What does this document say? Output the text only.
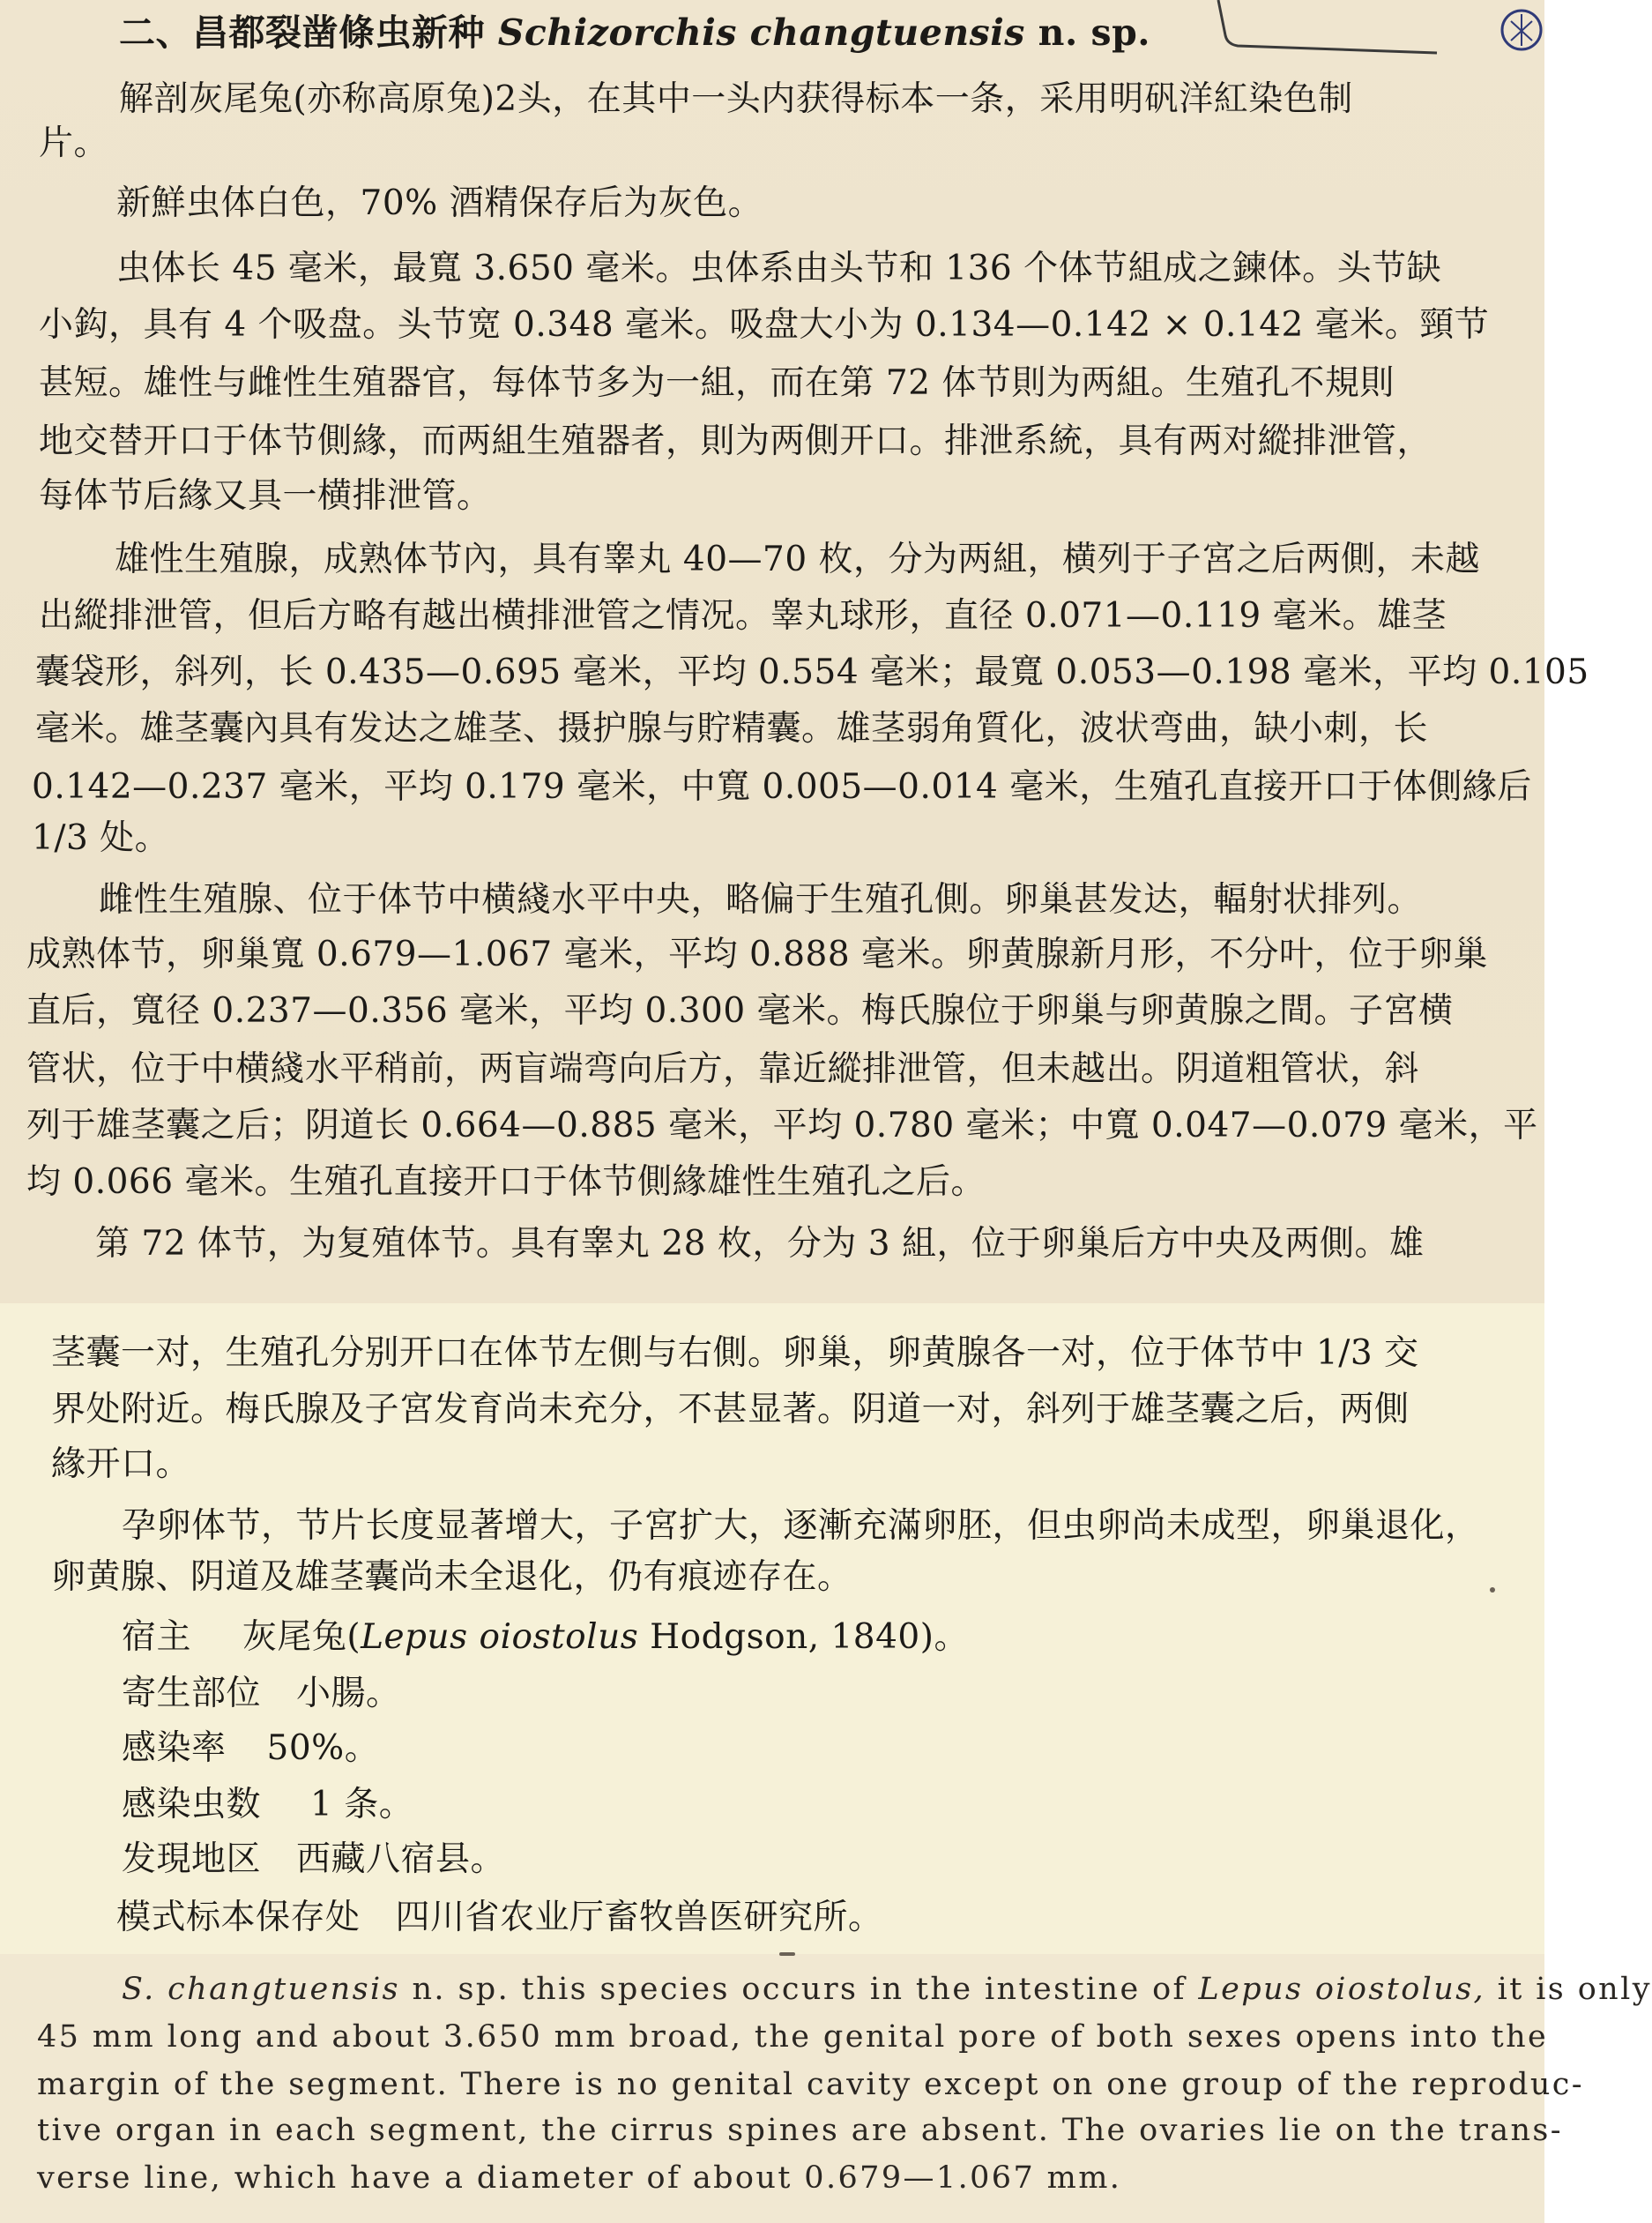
二、昌都裂凿條虫新种 Schizorchis changtuensis n. sp.
解剖灰尾兔(亦称高原兔)2头，在其中一头内获得标本一条，采用明矾洋紅染色制
片。
新鮮虫体白色，70% 酒精保存后为灰色。
虫体长 45 毫米，最寬 3.650 毫米。虫体系由头节和 136 个体节組成之鍊体。头节缺
小鈎，具有 4 个吸盘。头节宽 0.348 毫米。吸盘大小为 0.134—0.142 × 0.142 毫米。頸节
甚短。雄性与雌性生殖器官，每体节多为一組，而在第 72 体节則为两組。生殖孔不規則
地交替开口于体节側緣，而两組生殖器者，則为两側开口。排泄系統，具有两对縱排泄管，
每体节后緣又具一横排泄管。
雄性生殖腺，成熟体节內，具有睾丸 40—70 枚，分为两組，横列于子宮之后两側，未越
出縱排泄管，但后方略有越出横排泄管之情况。睾丸球形，直径 0.071—0.119 毫米。雄茎
囊袋形，斜列，长 0.435—0.695 毫米，平均 0.554 毫米；最寬 0.053—0.198 毫米，平均 0.105
毫米。雄茎囊內具有发达之雄茎、摄护腺与貯精囊。雄茎弱角質化，波状弯曲，缺小刺，长
0.142—0.237 毫米，平均 0.179 毫米，中寬 0.005—0.014 毫米，生殖孔直接开口于体側緣后
1/3 处。
雌性生殖腺、位于体节中横綫水平中央，略偏于生殖孔側。卵巢甚发达，輻射状排列。
成熟体节，卵巢寬 0.679—1.067 毫米，平均 0.888 毫米。卵黄腺新月形，不分叶，位于卵巢
直后，寬径 0.237—0.356 毫米，平均 0.300 毫米。梅氏腺位于卵巢与卵黄腺之間。子宮横
管状，位于中横綫水平稍前，两盲端弯向后方，靠近縱排泄管，但未越出。阴道粗管状，斜
列于雄茎囊之后；阴道长 0.664—0.885 毫米，平均 0.780 毫米；中寬 0.047—0.079 毫米，平
均 0.066 毫米。生殖孔直接开口于体节側緣雄性生殖孔之后。
第 72 体节，为复殖体节。具有睾丸 28 枚，分为 3 組，位于卵巢后方中央及两側。雄
茎囊一对，生殖孔分别开口在体节左側与右側。卵巢，卵黄腺各一对，位于体节中 1/3 交
界处附近。梅氏腺及子宮发育尚未充分，不甚显著。阴道一对，斜列于雄茎囊之后，两側
緣开口。
孕卵体节，节片长度显著增大，子宮扩大，逐漸充滿卵胚，但虫卵尚未成型，卵巢退化，
卵黄腺、阴道及雄茎囊尚未全退化，仍有痕迹存在。
宿主 灰尾兔(Lepus oiostolus Hodgson, 1840)。
寄生部位 小腸。
感染率 50%。
感染虫数 1 条。
发現地区 西藏八宿县。
模式标本保存处 四川省农业厅畜牧兽医研究所。
S. changtuensis n. sp. this species occurs in the intestine of Lepus oiostolus, it is only
45 mm long and about 3.650 mm broad, the genital pore of both sexes opens into the
margin of the segment. There is no genital cavity except on one group of the reproduc-
tive organ in each segment, the cirrus spines are absent. The ovaries lie on the trans-
verse line, which have a diameter of about 0.679—1.067 mm.
